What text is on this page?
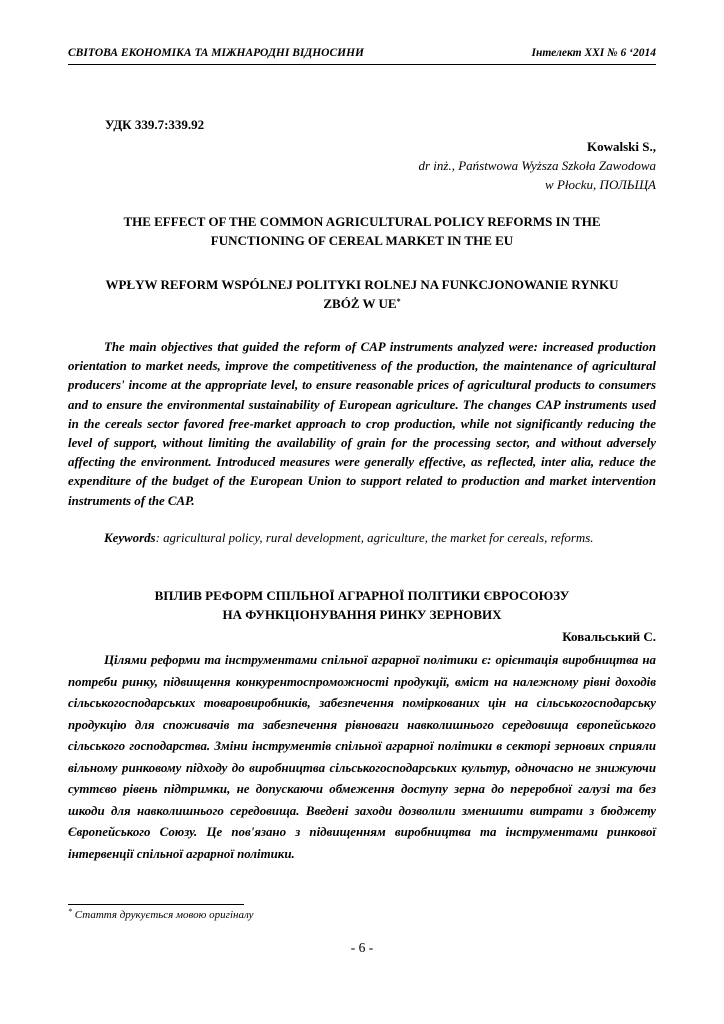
СВІТОВА ЕКОНОМІКА ТА МІЖНАРОДНІ ВІДНОСИНИ	Інтелект XXI № 6 ‘2014
УДК 339.7:339.92
Kowalski S.,
dr inż., Państwowa Wyższa Szkoła Zawodowa
w Płocku, ПОЛЬЩА
THE EFFECT OF THE COMMON AGRICULTURAL POLICY REFORMS IN THE
FUNCTIONING OF CEREAL MARKET IN THE EU
WPŁYW REFORM WSPÓLNEJ POLITYKI ROLNEJ NA FUNKCJONOWANIE RYNKU
ZBÓŻ W UE*

The main objectives that guided the reform of CAP instruments analyzed were: increased production orientation to market needs, improve the competitiveness of the production, the maintenance of agricultural producers' income at the appropriate level, to ensure reasonable prices of agricultural products to consumers and to ensure the environmental sustainability of European agriculture. The changes CAP instruments used in the cereals sector favored free-market approach to crop production, while not significantly reducing the level of support, without limiting the availability of grain for the processing sector, and without adversely affecting the environment. Introduced measures were generally effective, as reflected, inter alia, reduce the expenditure of the budget of the European Union to support related to production and market intervention instruments of the CAP.

Keywords: agricultural policy, rural development, agriculture, the market for cereals, reforms.
ВПЛИВ РЕФОРМ СПІЛЬНОЇ АГРАРНОЇ ПОЛІТИКИ ЄВРОСОЮЗУ
НА ФУНКЦІОНУВАННЯ РИНКУ ЗЕРНОВИХ
Ковальський С.

Цілями реформи та інструментами спільної аграрної політики є: орієнтація виробництва на потреби ринку, підвищення конкурентоспроможності продукції, вміст на належному рівні доходів сільськогосподарських товаровиробників, забезпечення поміркованих цін на сільськогосподарську продукцію для споживачів та забезпечення рівноваги навколишнього середовища європейського сільського господарства. Зміни інструментів спільної аграрної політики в секторі зернових сприяли вільному ринковому підходу до виробництва сільськогосподарських культур, одночасно не знижуючи суттєво рівень підтримки, не допускаючи обмеження доступу зерна до переробної галузі та без шкоди для навколишнього середовища. Введені заходи дозволили зменшити витрати з бюджету Європейського Союзу. Це пов'язано з підвищенням виробництва та інструментами ринкової інтервенції спільної аграрної політики.

* Стаття друкується мовою оригіналу
- 6 -
